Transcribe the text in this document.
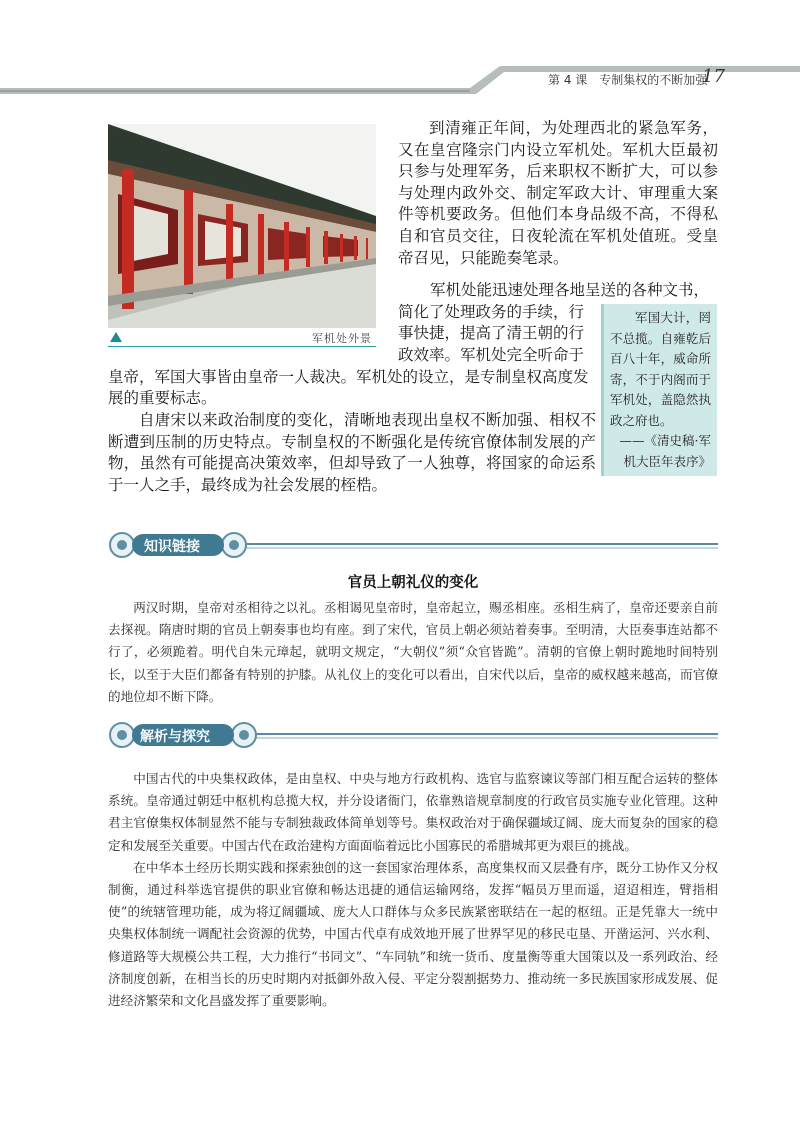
第 4 课　专制集权的不断加强
17
军机处外景
到清雍正年间，为处理西北的紧急军务，又在皇宫隆宗门内设立军机处。军机大臣最初只参与处理军务，后来职权不断扩大，可以参与处理内政外交、制定军政大计、审理重大案件等机要政务。但他们本身品级不高，不得私自和官员交往，日夜轮流在军机处值班。受皇帝召见，只能跪奏笔录。
军机处能迅速处理各地呈送的各种文书，
简化了处理政务的手续，行
事快捷，提高了清王朝的行
政效率。军机处完全听命于
皇帝，军国大事皆由皇帝一人裁决。军机处的设立，是专制皇权高度发
展的重要标志。
自唐宋以来政治制度的变化，清晰地表现出皇权不断加强、相权不断遭到压制的历史特点。专制皇权的不断强化是传统官僚体制发展的产物，虽然有可能提高决策效率，但却导致了一人独尊，将国家的命运系于一人之手，最终成为社会发展的桎梏。
军国大计，罔不总揽。自雍乾后百八十年，威命所寄，不于内阁而于军机处，盖隐然执政之府也。
——《清史稿·军机大臣年表序》
知识链接
官员上朝礼仪的变化

两汉时期，皇帝对丞相待之以礼。丞相谒见皇帝时，皇帝起立，赐丞相座。丞相生病了，皇帝还要亲自前去探视。隋唐时期的官员上朝奏事也均有座。到了宋代，官员上朝必须站着奏事。至明清，大臣奏事连站都不行了，必须跪着。明代自朱元璋起，就明文规定，“大朝仪”须“众官皆跪”。清朝的官僚上朝时跪地时间特别长，以至于大臣们都备有特别的护膝。从礼仪上的变化可以看出，自宋代以后，皇帝的威权越来越高，而官僚的地位却不断下降。

解析与探究

中国古代的中央集权政体，是由皇权、中央与地方行政机构、选官与监察谏议等部门相互配合运转的整体系统。皇帝通过朝廷中枢机构总揽大权，并分设诸衙门，依靠熟谙规章制度的行政官员实施专业化管理。这种君主官僚集权体制显然不能与专制独裁政体简单划等号。集权政治对于确保疆域辽阔、庞大而复杂的国家的稳定和发展至关重要。中国古代在政治建构方面面临着远比小国寡民的希腊城邦更为艰巨的挑战。

在中华本土经历长期实践和探索独创的这一套国家治理体系，高度集权而又层叠有序，既分工协作又分权制衡，通过科举选官提供的职业官僚和畅达迅捷的通信运输网络，发挥“幅员万里而遥，迢迢相连，臂指相使”的统辖管理功能，成为将辽阔疆域、庞大人口群体与众多民族紧密联结在一起的枢纽。正是凭靠大一统中央集权体制统一调配社会资源的优势，中国古代卓有成效地开展了世界罕见的移民屯垦、开凿运河、兴水利、修道路等大规模公共工程，大力推行“书同文”、“车同轨”和统一货币、度量衡等重大国策以及一系列政治、经济制度创新，在相当长的历史时期内对抵御外敌入侵、平定分裂割据势力、推动统一多民族国家形成发展、促进经济繁荣和文化昌盛发挥了重要影响。
